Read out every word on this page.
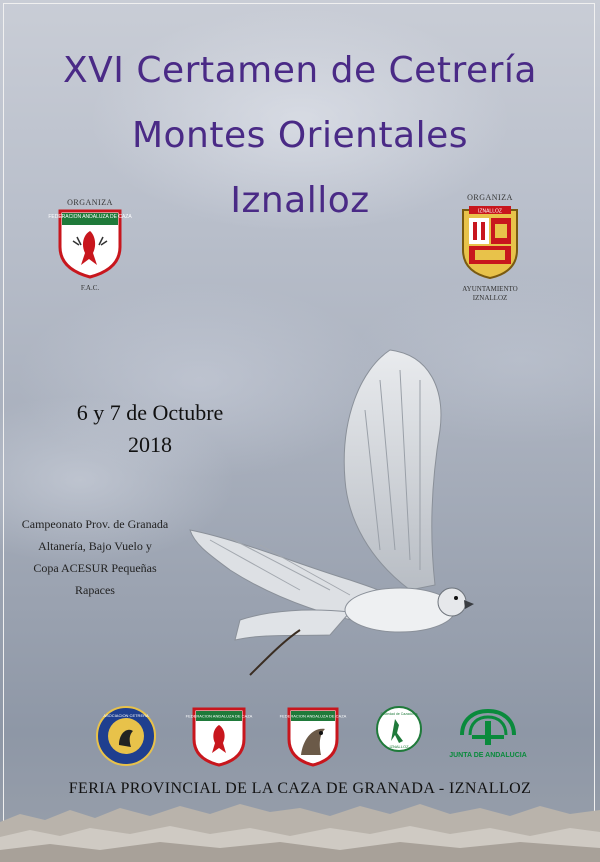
XVI Certamen de Cetrería
Montes Orientales
Iznalloz
ORGANIZA
FEDERACION ANDALUZA DE CAZA
F.A.C.
ORGANIZA
IZNALLOZ
AYUNTAMIENTO
IZNALLOZ
6 y 7 de Octubre
2018
Campeonato Prov. de Granada
Altanería, Bajo Vuelo y
Copa ACESUR Pequeñas
Rapaces
ASOCIACION CETRERA	FEDERACION ANDALUZA DE CAZA	FEDERACION ANDALUZA DE CAZA	Sociedad de Cazadores
IZNALLOZ
JUNTA DE ANDALUCIA
FERIA PROVINCIAL DE LA CAZA DE GRANADA - IZNALLOZ
